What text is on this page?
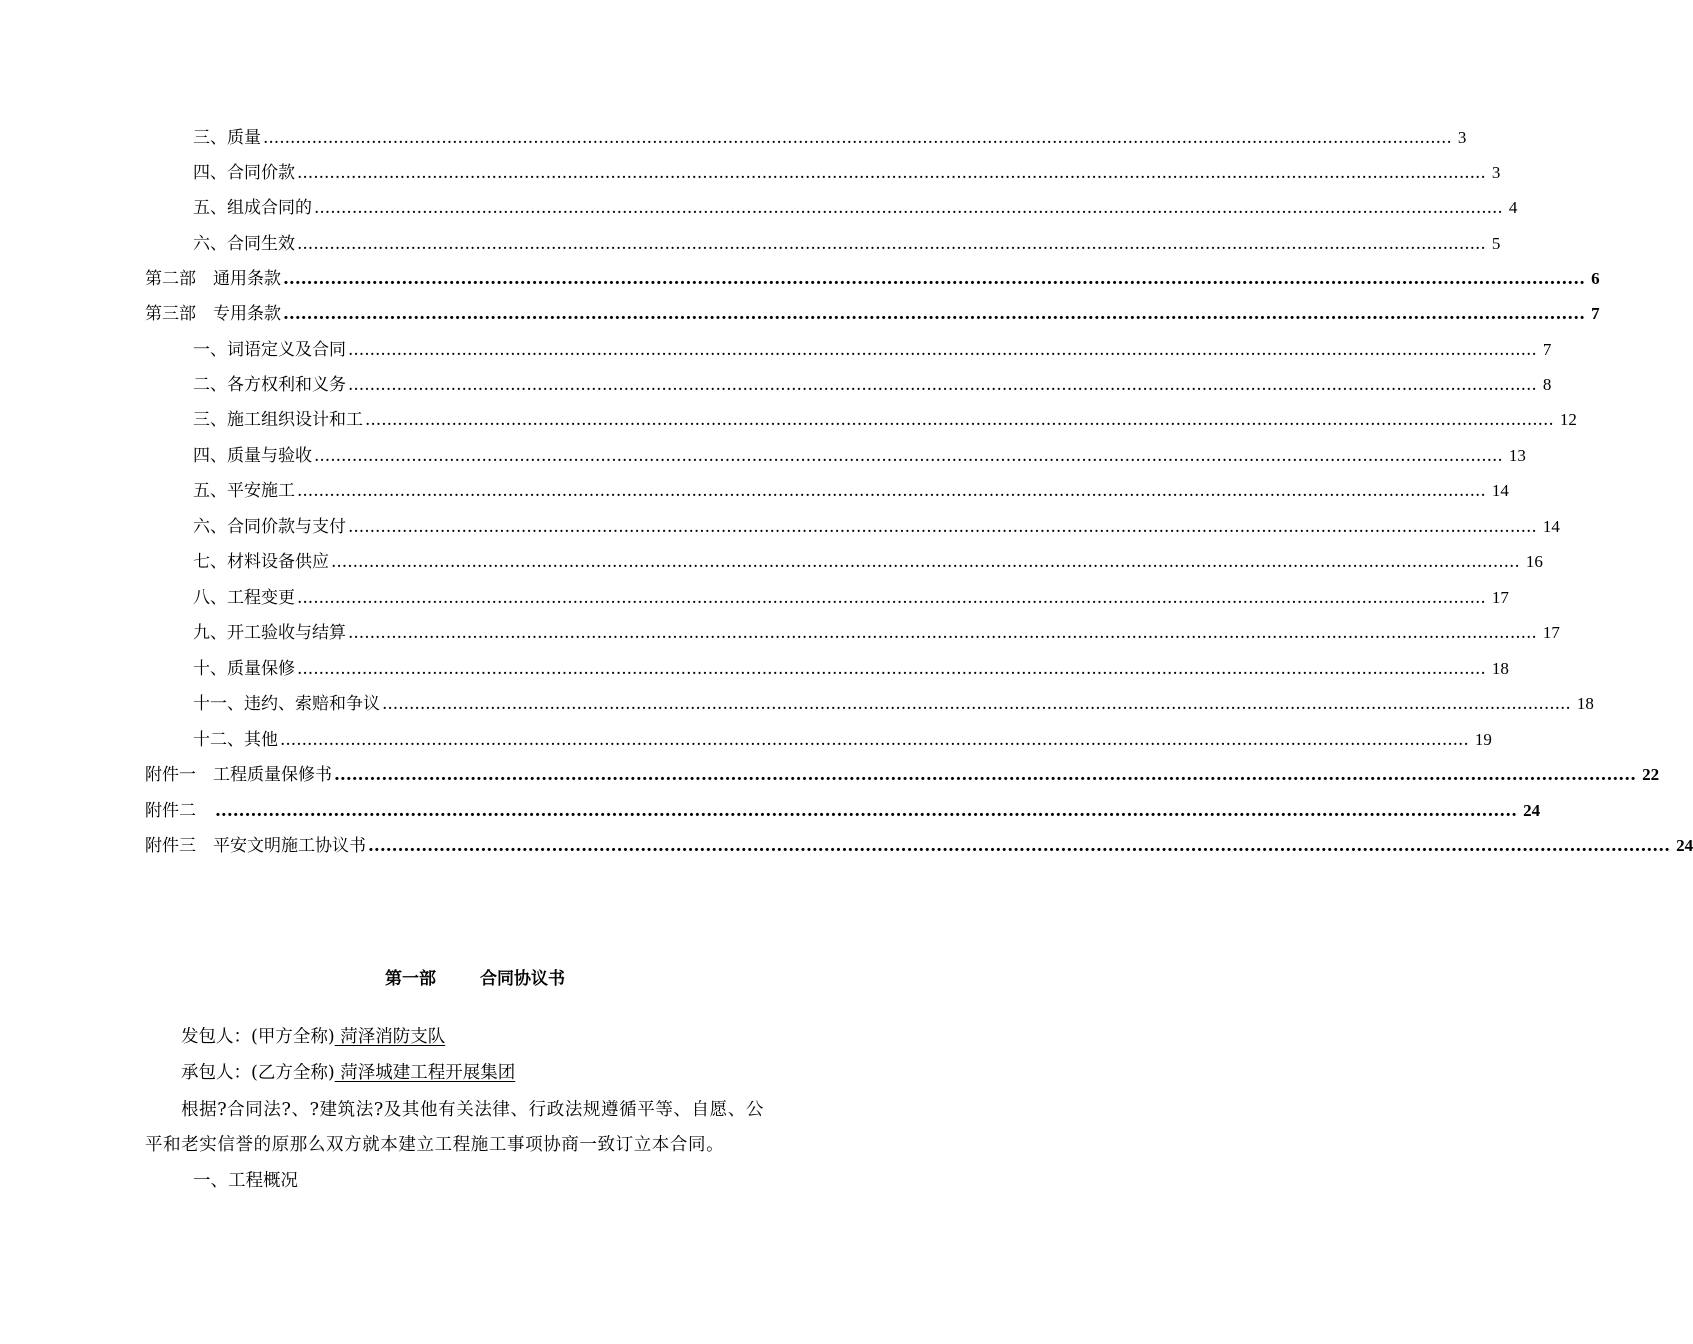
三、质量 ............................................................................................................................................................................................................................ 3
四、合同价款 ............................................................................................................................................................................................................................ 3
五、组成合同的 ............................................................................................................................................................................................................................ 4
六、合同生效 ............................................................................................................................................................................................................................ 5
第二部　通用条款 ............................................................................................................................................................................................................................ 6
第三部　专用条款 ............................................................................................................................................................................................................................ 7
一、词语定义及合同 ............................................................................................................................................................................................................................ 7
二、各方权利和义务 ............................................................................................................................................................................................................................ 8
三、施工组织设计和工 ............................................................................................................................................................................................................................ 12
四、质量与验收 ............................................................................................................................................................................................................................ 13
五、平安施工 ............................................................................................................................................................................................................................ 14
六、合同价款与支付 ............................................................................................................................................................................................................................ 14
七、材料设备供应 ............................................................................................................................................................................................................................ 16
八、工程变更 ............................................................................................................................................................................................................................ 17
九、开工验收与结算 ............................................................................................................................................................................................................................ 17
十、质量保修 ............................................................................................................................................................................................................................ 18
十一、违约、索赔和争议 ............................................................................................................................................................................................................................ 18
十二、其他 ............................................................................................................................................................................................................................ 19
附件一　工程质量保修书 ............................................................................................................................................................................................................................ 22
附件二　 ............................................................................................................................................................................................................................ 24
附件三　平安文明施工协议书 ............................................................................................................................................................................................................................ 24
第一部	合同协议书
发包人：(甲方全称) 菏泽消防支队
承包人：(乙方全称) 菏泽城建工程开展集团
根据?合同法?、?建筑法?及其他有关法律、行政法规遵循平等、自愿、公
平和老实信誉的原那么双方就本建立工程施工事项协商一致订立本合同。
一、工程概况
